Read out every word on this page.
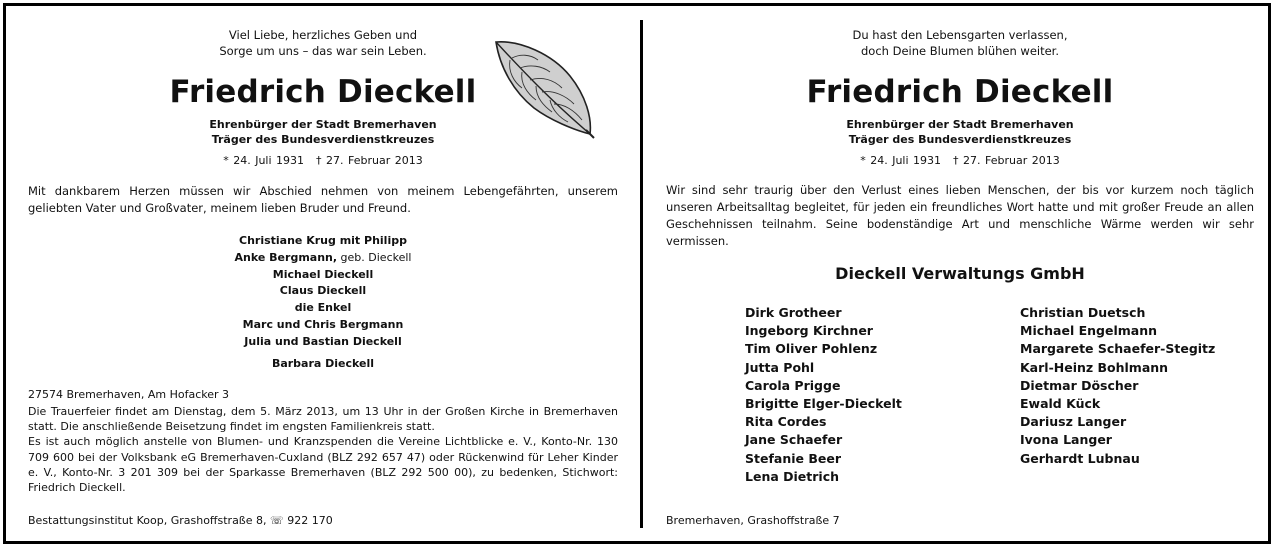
Viel Liebe, herzliches Geben und
Sorge um uns – das war sein Leben.
Friedrich Dieckell
Ehrenbürger der Stadt Bremerhaven
Träger des Bundesverdienstkreuzes
* 24. Juli 1931 † 27. Februar 2013
Mit dankbarem Herzen müssen wir Abschied nehmen von meinem Lebengefährten, unserem geliebten Vater und Großvater, meinem lieben Bruder und Freund.
Christiane Krug mit Philipp
Anke Bergmann, geb. Dieckell
Michael Dieckell
Claus Dieckell
die Enkel
Marc und Chris Bergmann
Julia und Bastian Dieckell
Barbara Dieckell
27574 Bremerhaven, Am Hofacker 3

Die Trauerfeier findet am Dienstag, dem 5. März 2013, um 13 Uhr in der Großen Kirche in Bremerhaven statt. Die anschließende Beisetzung findet im engsten Familienkreis statt.

Es ist auch möglich anstelle von Blumen- und Kranzspenden die Vereine Lichtblicke e. V., Konto-Nr. 130 709 600 bei der Volksbank eG Bremerhaven-Cuxland (BLZ 292 657 47) oder Rückenwind für Leher Kinder e. V., Konto-Nr. 3 201 309 bei der Sparkasse Bremerhaven (BLZ 292 500 00), zu bedenken, Stichwort: Friedrich Dieckell.

Bestattungsinstitut Koop, Grashoffstraße 8, ☏ 922 170
Du hast den Lebensgarten verlassen,
doch Deine Blumen blühen weiter.
Friedrich Dieckell
Ehrenbürger der Stadt Bremerhaven
Träger des Bundesverdienstkreuzes
* 24. Juli 1931 † 27. Februar 2013
Wir sind sehr traurig über den Verlust eines lieben Menschen, der bis vor kurzem noch täglich unseren Arbeitsalltag begleitet, für jeden ein freundliches Wort hatte und mit großer Freude an allen Geschehnissen teilnahm. Seine bodenständige Art und menschliche Wärme werden wir sehr vermissen.
Dieckell Verwaltungs GmbH
Dirk Grotheer
Ingeborg Kirchner
Tim Oliver Pohlenz
Jutta Pohl
Carola Prigge
Brigitte Elger-Dieckelt
Rita Cordes
Jane Schaefer
Stefanie Beer
Lena Dietrich
Christian Duetsch
Michael Engelmann
Margarete Schaefer-Stegitz
Karl-Heinz Bohlmann
Dietmar Döscher
Ewald Kück
Dariusz Langer
Ivona Langer
Gerhardt Lubnau
Bremerhaven, Grashoffstraße 7
